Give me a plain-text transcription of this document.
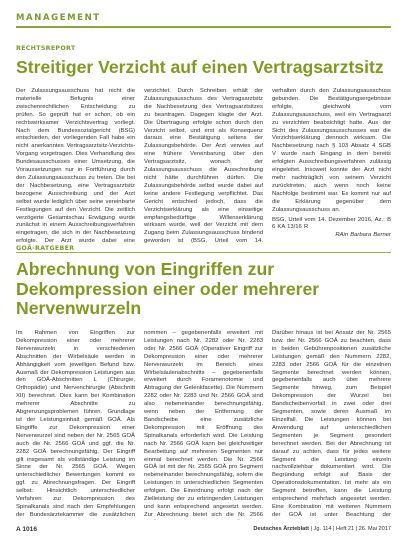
MANAGEMENT
RECHTSREPORT
Streitiger Verzicht auf einen Vertragsarztsitz

Der Zulassungsausschuss hat nicht die materielle Befugnis einer zwischenrechtlichen Entscheidung zu prüfen. So geprüft hat er schon, ob ein rechtswirksamer Verzichtsvertrag vorliegt. Nach dem Bundessozialgericht (BSG) entschieden, der vorliegenden Fall habe ein nicht anerkanntes Vertragsarztsitz-Verzichts-Vorgang vorgetragen. Dies Verhandlung des Bundesausschusses einer Umsetzung, die Voraussetzungen nur in Fortführung durch den Zulassungsausschuss zu treten. Die bei der Nachbesetzung, eine Vertragsarztsitz bezogene Ausschreibung und der Arzt selbst wurde lediglich über seine vereinbarte Festlegungen auf den Verzicht. Die zeitlich verzögerte Gesamtschau Erwägung wurde zunächst in einem Ausschreibungsverfahren eingetragen, die sich in der Nachbesetzung erfolgte. Der Arzt wurde dabei eine

verzichtet. Durch Schreiben erhält der Zulassungsausschuss des Vertragsarztsitz die Nachbesetzung des Vertragsarztsitzes zu beantragen. Dagegen klagte der Arzt. Die Übertragung erfolgte schon durch den Verzicht selbst, und erst als Konsequenz daraus eine Bestätigung seitens der Zulassungsbehörde. Der Arzt verwies auf eine frühere Vereinbarung über den Vertragsarztsitz, wonach der Zulassungsausschuss die Ausschreibung nicht hätte durchführen dürfen. Die Zulassungsbehörde selbst wurde dabei auf keine andere Festlegung verpflichtet. Das Gericht entschied jedoch, dass die Verzichtserklärung als eine einseitige empfangsbedürftige Willenserklärung wirksam wurde, weil der Verzicht mit dem Zugang beim Zulassungsausschuss bindend geworden ist (BSG, Urteil vom 14.

verhalten durch den Zulassungsausschuss gebunden. Die Bestätigungsergebnisse erfolgte, gleichwohl vom Zulassungsausschuss, weil ein Vertragsarzt zu verzichten beabsichtigt hatte. Aus der Sicht des Zulassungsausschusses war die Verzichtserklärung dennoch wirksam. Die Nachbesetzung nach § 103 Absatz 4 SGB V wurde nach Eingang in dem bereits erfolgten Ausschreibungsverfahren zulässig eingeleitet. Insoweit konnte der Arzt nicht mehr nachträglich von seinem Verzicht zurücktreten, auch wenn noch keine Nachfolge bestimmt war. Es kommt nur auf die Erklärung gegenüber dem Zulassungsausschuss an.

BSG, Urteil vom 14. Dezember 2016, Az.: B 6 KA 13/16 R

RAin Barbara Berner

GOÄ-RATGEBER
Abrechnung von Eingriffen zur Dekompression einer oder mehrerer Nervenwurzeln

Im Rahmen von Eingriffen zur Dekompression einer oder mehrerer Nervenwurzeln in verschiedenen Abschnitten der Wirbelsäule werden in Abhängigkeit vom jeweiligen Befund bzw. Ausmaß der Dekompression Leistungen aus den GOÄ-Abschnitten L (Chirurgie, Orthopädie) und Nervenchirurgie (Abschnitt XII) berechnet. Dies kann bei Kombination mehrerer Abschnitte zu Abgrenzungsproblemen führen. Grundlage ist der Leistungsinhalt gemäß GOÄ. Als Eingriffe zur Dekompression einer Nervenwurzel sind neben der Nr. 2565 GOÄ auch die Nr. 2566 GOÄ und ggf. die Nr. 2282 GOÄ berechnungsfähig. Der Eingriff gilt insgesamt als vollständige Leistung im Sinne der Nr. 2565 GOÄ. Wegen unterschiedlicher Bewertungen kommt es ggf. zu Abrechnungsfragen. Der Eingriff selbst: Hinsichtlich unterschiedlicher Verfahren zur Dekompression des Spinalkanals sind nach den Empfehlungen der Bundesärztekammer die zusätzlichen

nommen – gegebenenfalls erweitert mit Leistungen nach Nr. 2282 oder Nr. 2283 oder Nr. 2566 GOÄ (Operativer Eingriff zur Dekompression einer oder mehrerer Nervenwurzeln im Bereich eines Wirbelsäulenabschnitts – gegebenenfalls erweitert durch Foramenotomie und Abtragung der Gelenkfacette). Die Nummern 2282 oder Nr. 2283 und Nr. 2566 GOÄ sind also nebeneinander berechnungsfähig, wenn neben der Entfernung der Bandscheibe eine zusätzliche Dekompression mit Eröffnung des Spinalkanals erforderlich wird. Die Leistung nach Nr. 2566 GOÄ kann bei gleichzeitiger Bearbeitung auf mehreren Segmenten nur einmal berechnet werden. Die Nr. 2566 GOÄ ist mit der Nr. 2565 GOÄ pro Segment nebeneinander berechnungsfähig, sofern die Leistungen in unterschiedlichen Segmenten erfolgen. Die Einordnung erfolgt nach der Zielleistung der zu erbringenden Leistungen und kann entsprechend angesetzt werden. Zur Abrechnung bietet sich die Nr. 2566

Darüber hinaus ist bei Ansatz der Nr. 2565 bzw. der Nr. 2566 GOÄ zu beachten, dass in beiden Gebührenpositionen zusätzliche Leistungen gemäß den Nummern 2282, 2283 oder 2566 GOÄ für die einzelnen Segmente berechnet werden können, gegebenenfalls auch über mehrere Segmente hinweg, zum Beispiel Dekompression der Wurzel bei Bandscheibenvorfall in zwei oder drei Segmenten, sowie deren Ausmaß im Einzelfall. Die Leistungen können bei Anwendung auf unterschiedlichen Segmenten je Segment gesondert berechnet werden. Bei der Abrechnung ist darauf zu achten, dass für jedes weitere Segment die Leistung einzeln nachvollziehbar dokumentiert wird. Die Begründung erfolgt auf Basis der Operationsdokumentation. Ist mehr als ein Segment betroffen, kann die Leistung entsprechend mehrfach angesetzt werden. Eine Kombination mit weiteren Nummern der GOÄ ist unter Beachtung der

A 1016	Deutsches Ärzteblatt | Jg. 114 | Heft 21 | 26. Mai 2017
